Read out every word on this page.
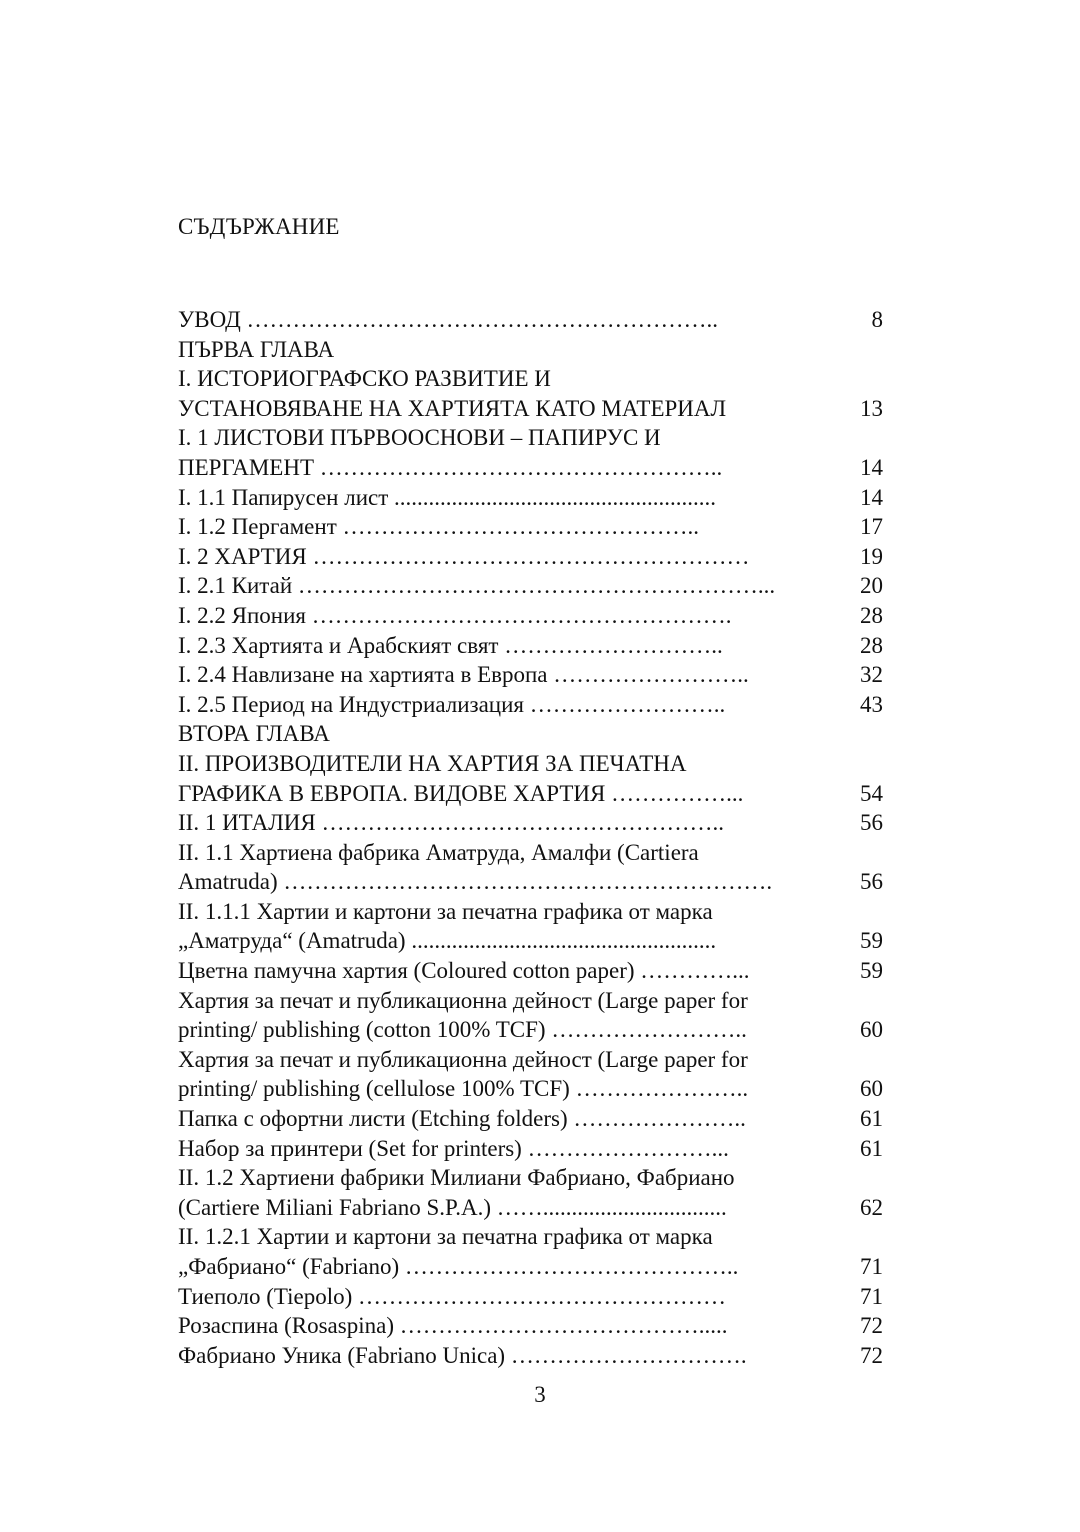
СЪДЪРЖАНИЕ
УВОД ……………………………………………………..	8
ПЪРВА ГЛАВА
I. ИСТОРИОГРАФСКО РАЗВИТИЕ И
УСТАНОВЯВАНЕ НА ХАРТИЯТА КАТО МАТЕРИАЛ	13
I. 1 ЛИСТОВИ ПЪРВООСНОВИ – ПАПИРУС И
ПЕРГАМЕНТ ……………………………………………..	14
I. 1.1 Папирусен лист ........................................................	14
I. 1.2 Пергамент ………………………………………..	17
I. 2 ХАРТИЯ …………………………………………………	19
I. 2.1 Китай ……………………………………………………...	20
I. 2.2 Япония ……………………………………………….	28
I. 2.3 Хартията и Арабският свят ………………………..	28
I. 2.4 Навлизане на хартията в Европа ……………………..	32
I. 2.5 Период на Индустриализация ……………………..	43
ВТОРА ГЛАВА
II. ПРОИЗВОДИТЕЛИ НА ХАРТИЯ ЗА ПЕЧАТНА
ГРАФИКА В ЕВРОПА. ВИДОВЕ ХАРТИЯ ……………...	54
II. 1 ИТАЛИЯ ……………………………………………..	56
II. 1.1 Хартиена фабрика Аматруда, Амалфи (Cartiera
Amatruda) ……………………………………………………….	56
II. 1.1.1 Хартии и картони за печатна графика от марка
„Аматруда“ (Amatruda) .....................................................	59
Цветна памучна хартия (Coloured cotton paper) …………...	59
Хартия за печат и публикационна дейност (Large paper for
printing/ publishing (cotton 100% TCF) ……………………..	60
Хартия за печат и публикационна дейност (Large paper for
printing/ publishing (cellulose 100% TCF) …………………..	60
Папка с офортни листи (Etching folders) …………………..	61
Набор за принтери (Set for printers) ……………………...	61
II. 1.2 Хартиени фабрики Милиани Фабриано, Фабриано
(Cartiere Miliani Fabriano S.P.A.) ……................................	62
II. 1.2.1 Хартии и картони за печатна графика от марка
„Фабриано“ (Fabriano) ……………………………………..	71
Тиеполо (Tiepolo) …………………………………………	71
Розаспина (Rosaspina) ………………………………….....	72
Фабриано Уника (Fabriano Unica) ………………………….	72
3
